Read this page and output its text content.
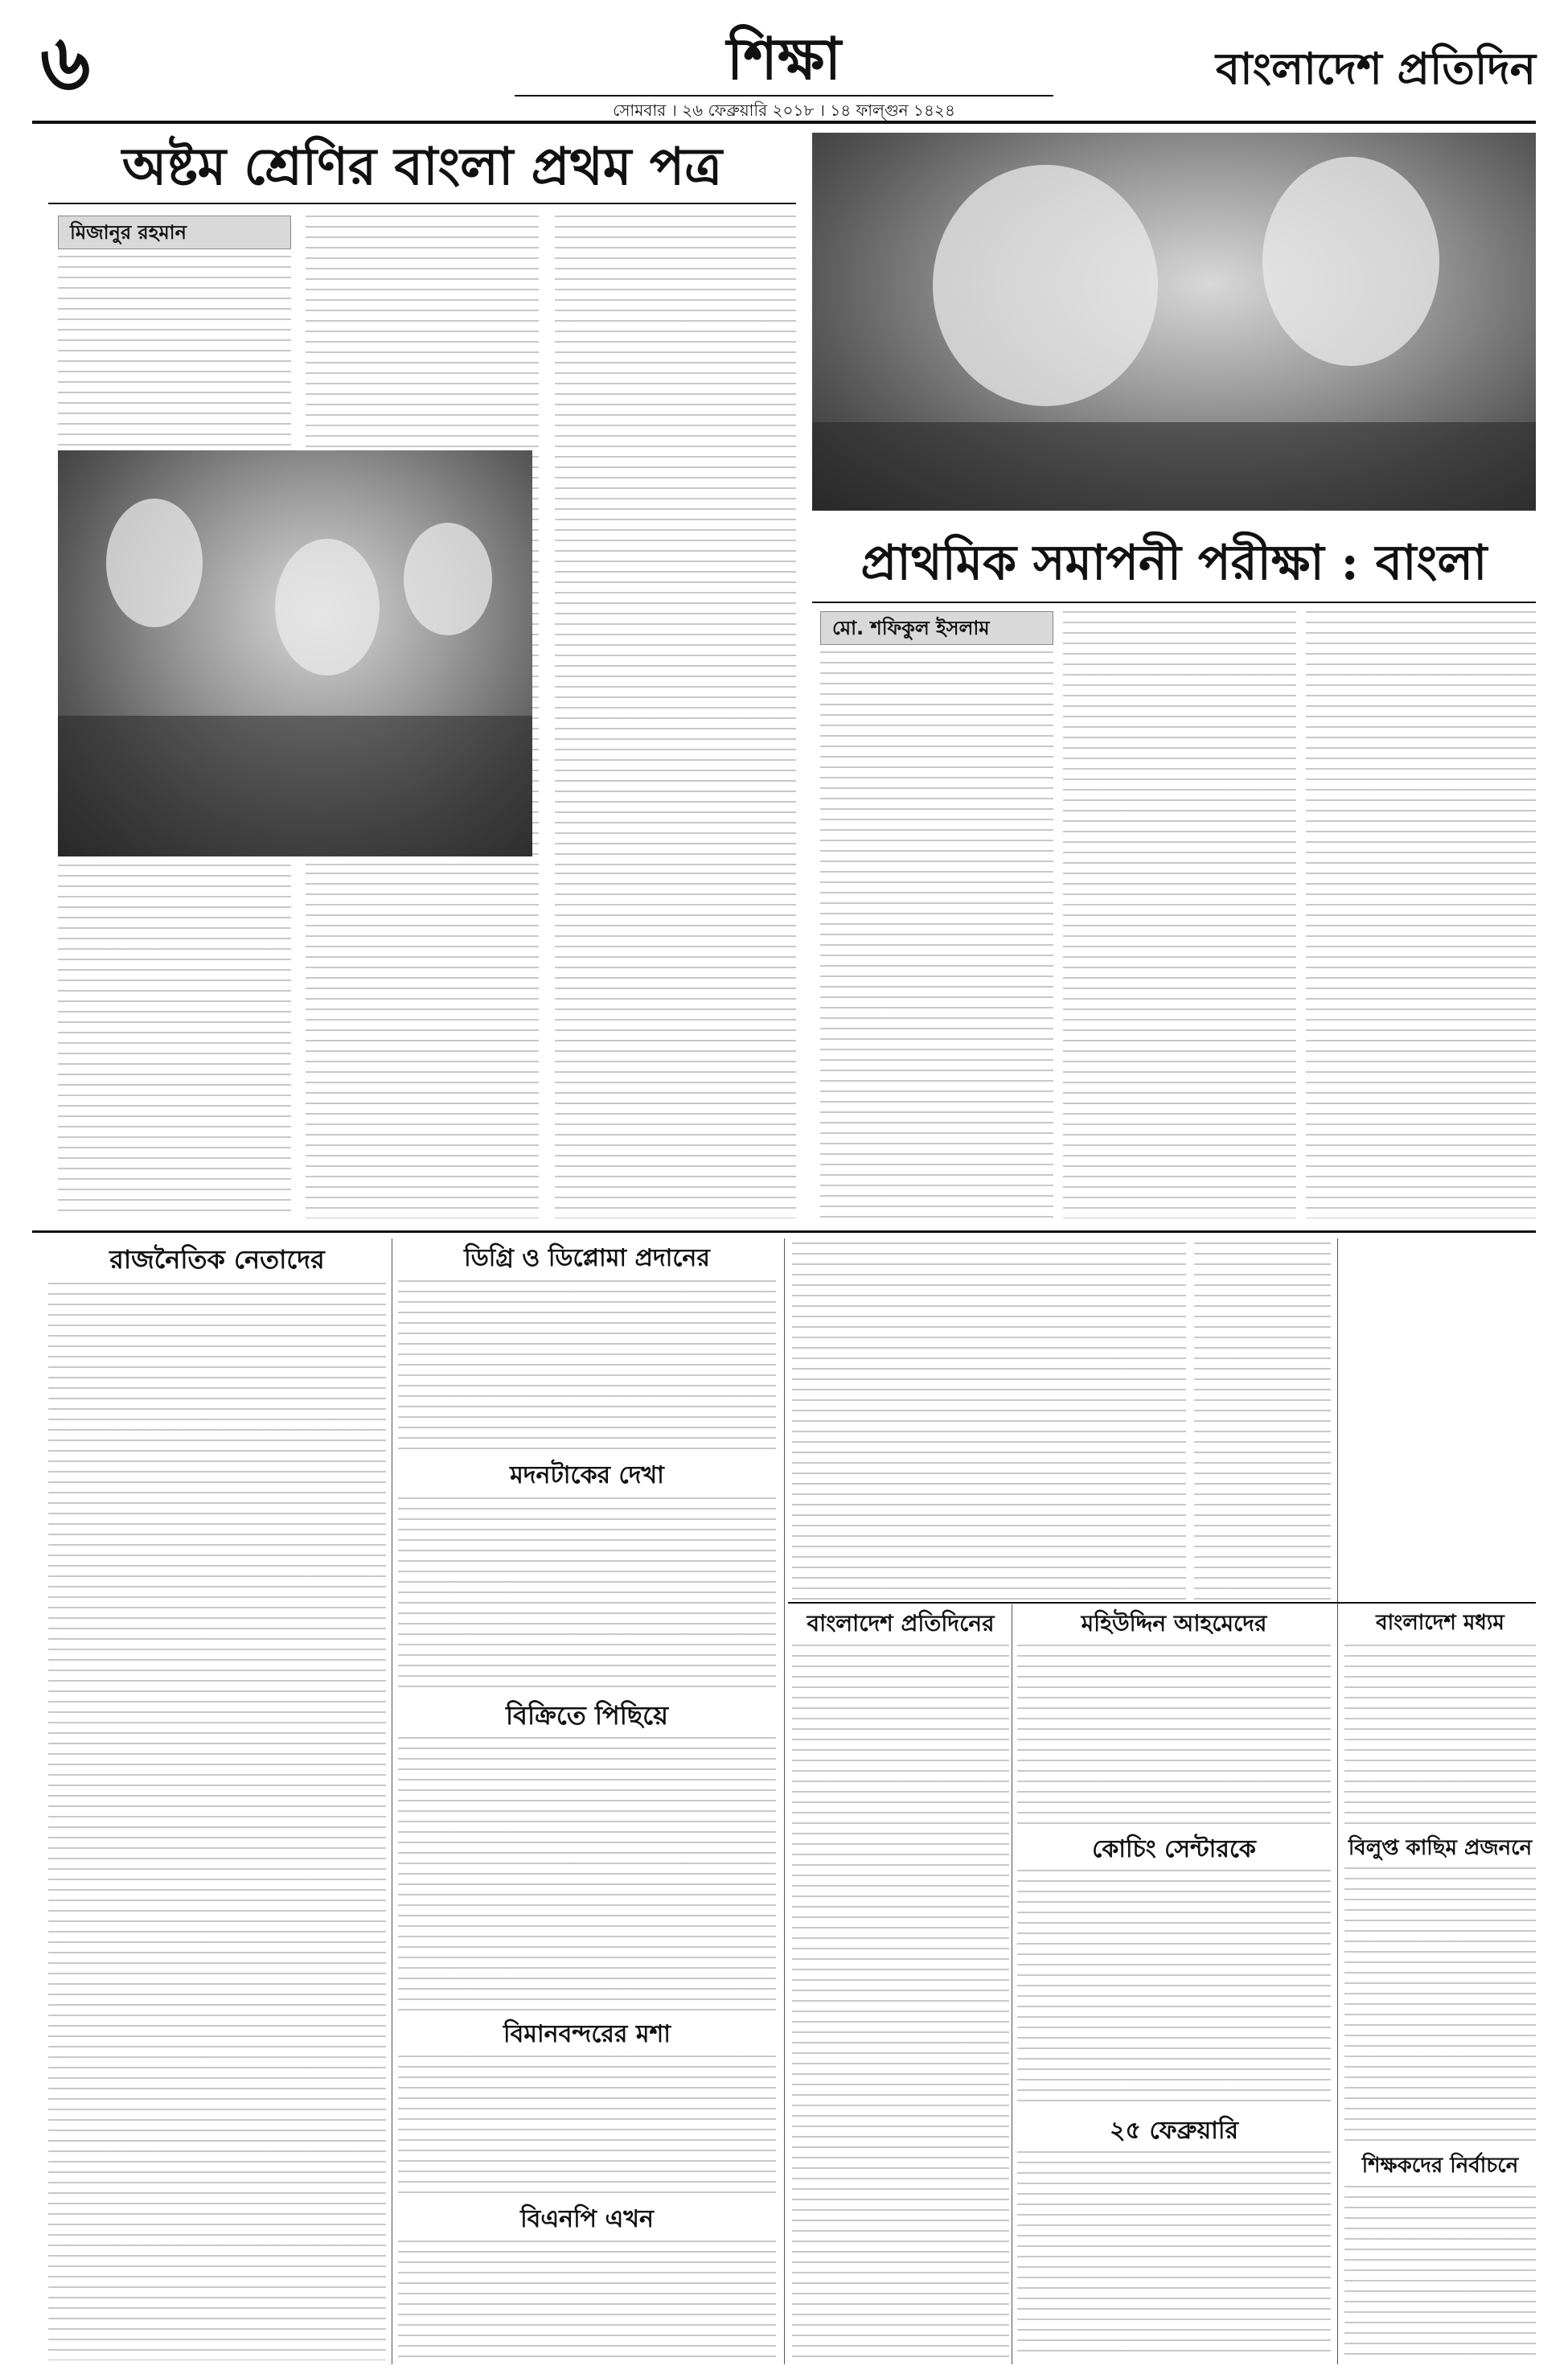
৬	শিক্ষা
সোমবার । ২৬ ফেব্রুয়ারি ২০১৮ । ১৪ ফাল্গুন ১৪২৪
বাংলাদেশ প্রতিদিন
অষ্টম শ্রেণির বাংলা প্রথম পত্র
মিজানুর রহমান
প্রাথমিক সমাপনী পরীক্ষা : বাংলা
মো. শফিকুল ইসলাম
রাজনৈতিক নেতাদের	ডিগ্রি ও ডিপ্লোমা প্রদানের
মদনটাকের দেখা
বিক্রিতে পিছিয়ে
বিমানবন্দরের মশা
বিএনপি এখন
বাংলাদেশ প্রতিদিনের	মহিউদ্দিন আহমেদের
কোচিং সেন্টারকে
২৫ ফেব্রুয়ারি
বাংলাদেশ মধ্যম
বিলুপ্ত কাছিম প্রজননে
শিক্ষকদের নির্বাচনে
